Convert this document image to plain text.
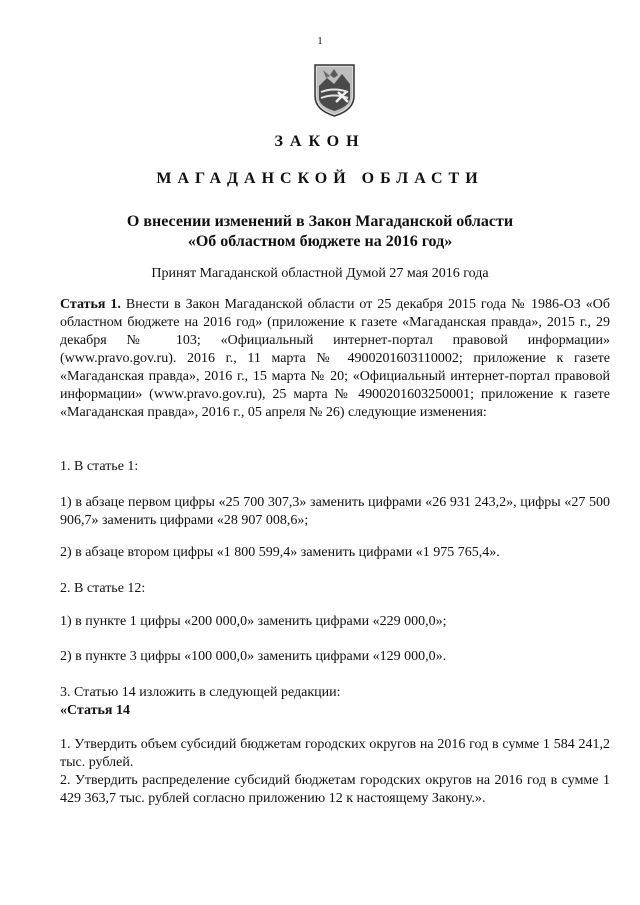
1
ЗАКОН
МАГАДАНСКОЙ ОБЛАСТИ
О внесении изменений в Закон Магаданской области
«Об областном бюджете на 2016 год»
Принят Магаданской областной Думой 27 мая 2016 года
Статья 1. Внести в Закон Магаданской области от 25 декабря 2015 года № 1986-ОЗ «Об областном бюджете на 2016 год» (приложение к газете «Магаданская правда», 2015 г., 29 декабря № 103; «Официальный интернет-портал правовой информации» (www.pravo.gov.ru). 2016 г., 11 марта № 4900201603110002; приложение к газете «Магаданская правда», 2016 г., 15 марта № 20; «Официальный интернет-портал правовой информации» (www.pravo.gov.ru), 25 марта № 4900201603250001; приложение к газете «Магаданская правда», 2016 г., 05 апреля № 26) следующие изменения:
1. В статье 1:
1) в абзаце первом цифры «25 700 307,3» заменить цифрами «26 931 243,2», цифры «27 500 906,7» заменить цифрами «28 907 008,6»;
2) в абзаце втором цифры «1 800 599,4» заменить цифрами «1 975 765,4».
2. В статье 12:
1) в пункте 1 цифры «200 000,0» заменить цифрами «229 000,0»;
2) в пункте 3 цифры «100 000,0» заменить цифрами «129 000,0».
3. Статью 14 изложить в следующей редакции:
«Статья 14
1. Утвердить объем субсидий бюджетам городских округов на 2016 год в сумме 1 584 241,2 тыс. рублей.
2. Утвердить распределение субсидий бюджетам городских округов на 2016 год в сумме 1 429 363,7 тыс. рублей согласно приложению 12 к настоящему Закону.».
